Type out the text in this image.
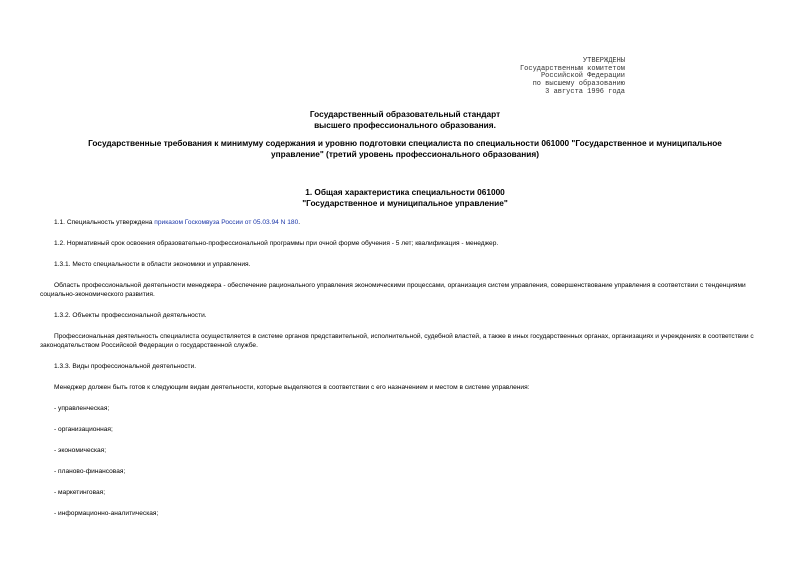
УТВЕРЖДЕНЫ
Государственным комитетом
Российской Федерации
по высшему образованию
3 августа 1996 года
Государственный образовательный стандарт
высшего профессионального образования.
Государственные требования к минимуму содержания и уровню подготовки специалиста по специальности 061000 "Государственное и муниципальное
управление" (третий уровень профессионального образования)
1. Общая характеристика специальности 061000
"Государственное и муниципальное управление"
1.1. Специальность утверждена приказом Госкомвуза России от 05.03.94 N 180.
1.2. Нормативный срок освоения образовательно-профессиональной программы при очной форме обучения - 5 лет; квалификация - менеджер.
1.3.1. Место специальности в области экономики и управления.
Область профессиональной деятельности менеджера - обеспечение рационального управления экономическими процессами, организация систем управления, совершенствование управления в соответствии с тенденциями социально-экономического развития.
1.3.2. Объекты профессиональной деятельности.
Профессиональная деятельность специалиста осуществляется в системе органов представительной, исполнительной, судебной властей, а также в иных государственных органах, организациях и учреждениях в соответствии с законодательством Российской Федерации о государственной службе.
1.3.3. Виды профессиональной деятельности.
Менеджер должен быть готов к следующим видам деятельности, которые выделяются в соответствии с его назначением и местом в системе управления:
- управленческая;
- организационная;
- экономическая;
- планово-финансовая;
- маркетинговая;
- информационно-аналитическая;
